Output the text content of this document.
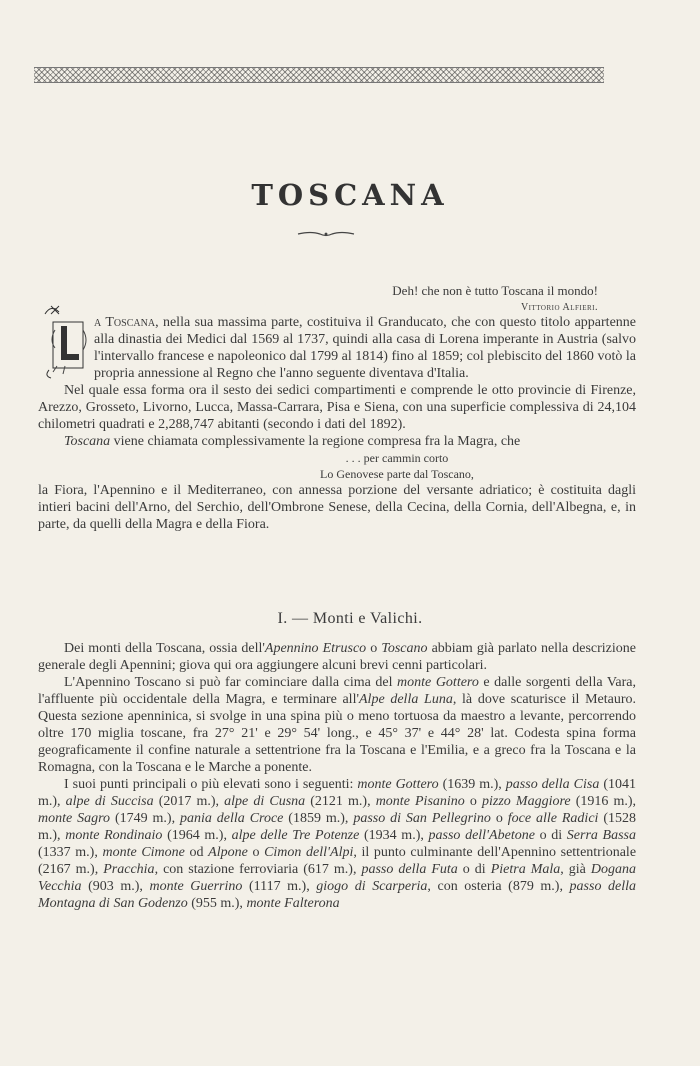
TOSCANA
Deh! che non è tutto Toscana il mondo!
Vittorio Alfieri.

a Toscana, nella sua massima parte, costituiva il Granducato, che con questo titolo appartenne alla dinastia dei Medici dal 1569 al 1737, quindi alla casa di Lorena imperante in Austria (salvo l'intervallo francese e napoleonico dal 1799 al 1814) fino al 1859; col plebiscito del 1860 votò la propria annessione al Regno che l'anno seguente diventava d'Italia.

Nel quale essa forma ora il sesto dei sedici compartimenti e comprende le otto provincie di Firenze, Arezzo, Grosseto, Livorno, Lucca, Massa-Carrara, Pisa e Siena, con una superficie complessiva di 24,104 chilometri quadrati e 2,288,747 abitanti (secondo i dati del 1892).

Toscana viene chiamata complessivamente la regione compresa fra la Magra, che

. . . per cammin corto
Lo Genovese parte dal Toscano,

la Fiora, l'Apennino e il Mediterraneo, con annessa porzione del versante adriatico; è costituita dagli intieri bacini dell'Arno, del Serchio, dell'Ombrone Senese, della Cecina, della Cornia, dell'Albegna, e, in parte, da quelli della Magra e della Fiora.

I. — Monti e Valichi.

Dei monti della Toscana, ossia dell'Apennino Etrusco o Toscano abbiam già parlato nella descrizione generale degli Apennini; giova qui ora aggiungere alcuni brevi cenni particolari.

L'Apennino Toscano si può far cominciare dalla cima del monte Gottero e dalle sorgenti della Vara, l'affluente più occidentale della Magra, e terminare all'Alpe della Luna, là dove scaturisce il Metauro. Questa sezione apenninica, si svolge in una spina più o meno tortuosa da maestro a levante, percorrendo oltre 170 miglia toscane, fra 27° 21' e 29° 54' long., e 45° 37' e 44° 28' lat. Codesta spina forma geograficamente il confine naturale a settentrione fra la Toscana e l'Emilia, e a greco fra la Toscana e la Romagna, con la Toscana e le Marche a ponente.

I suoi punti principali o più elevati sono i seguenti: monte Gottero (1639 m.), passo della Cisa (1041 m.), alpe di Succisa (2017 m.), alpe di Cusna (2121 m.), monte Pisanino o pizzo Maggiore (1916 m.), monte Sagro (1749 m.), pania della Croce (1859 m.), passo di San Pellegrino o foce alle Radici (1528 m.), monte Rondinaio (1964 m.), alpe delle Tre Potenze (1934 m.), passo dell'Abetone o di Serra Bassa (1337 m.), monte Cimone od Alpone o Cimon dell'Alpi, il punto culminante dell'Apennino settentrionale (2167 m.), Pracchia, con stazione ferroviaria (617 m.), passo della Futa o di Pietra Mala, già Dogana Vecchia (903 m.), monte Guerrino (1117 m.), giogo di Scarperia, con osteria (879 m.), passo della Montagna di San Godenzo (955 m.), monte Falterona
